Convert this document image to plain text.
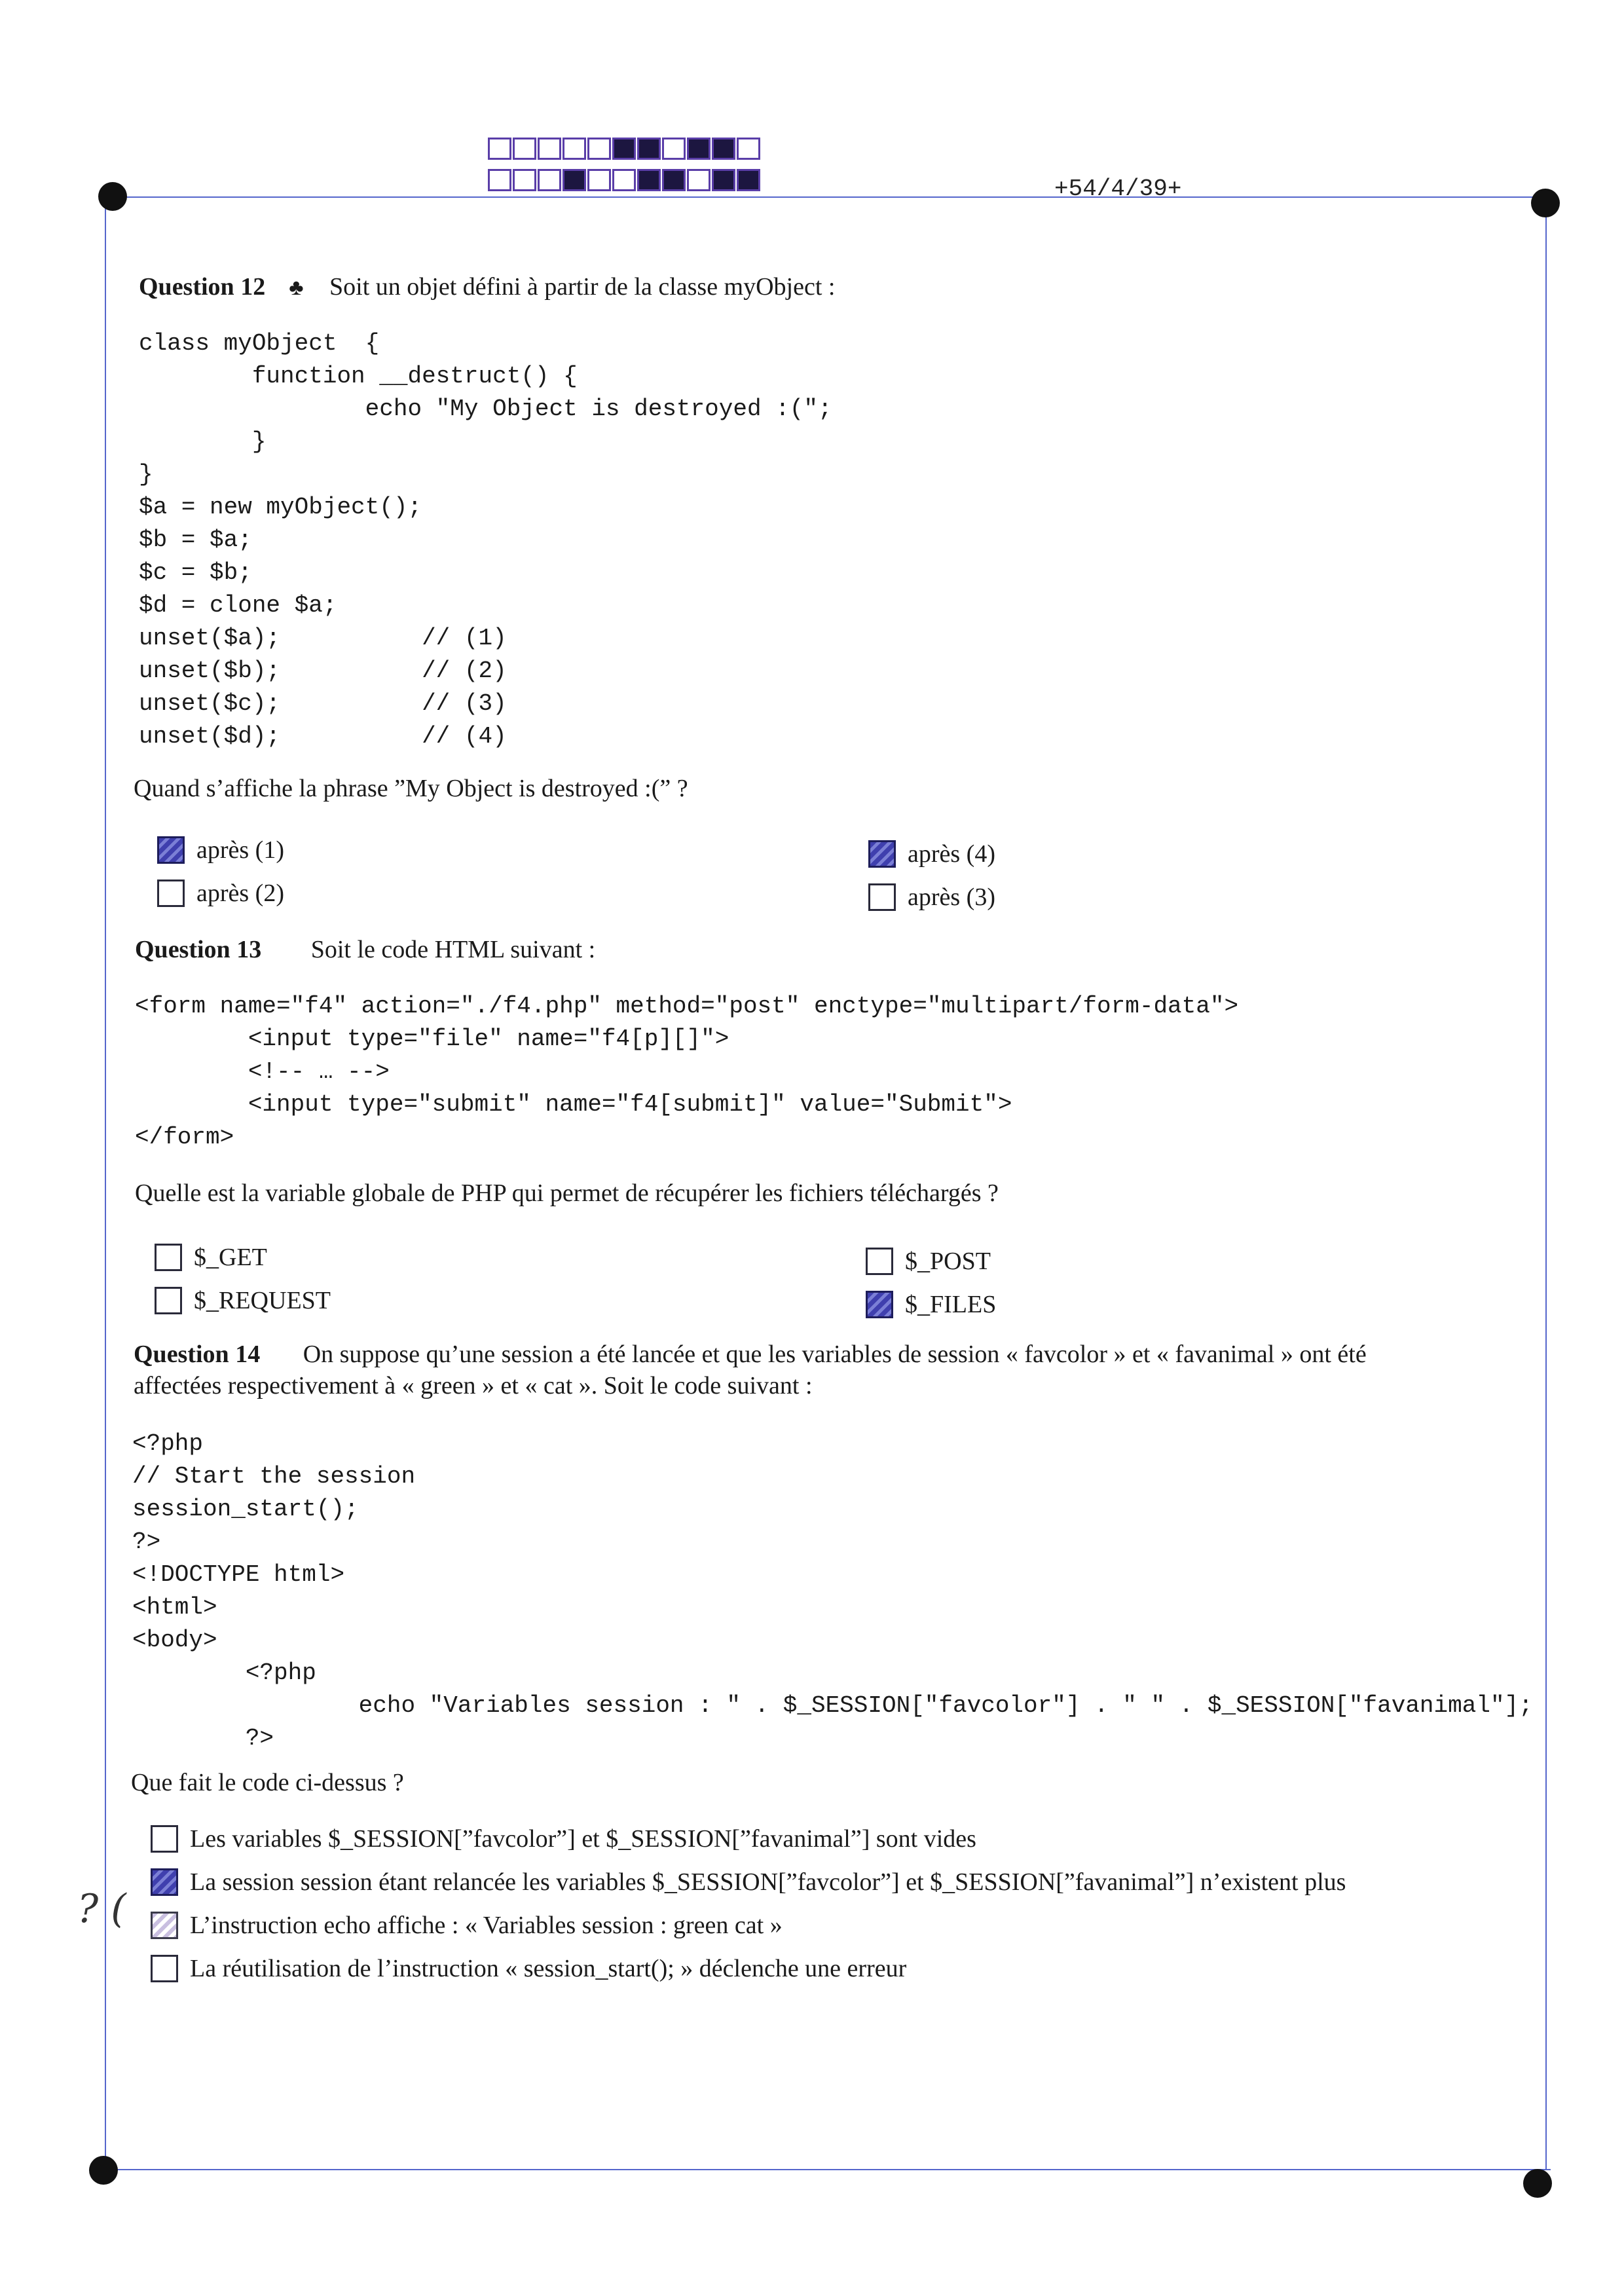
+54/4/39+
Question 12 ♣ Soit un objet défini à partir de la classe myObject :
class myObject  {
function __destruct() {
echo "My Object is destroyed :(";
}
}
$a = new myObject();
$b = $a;
$c = $b;
$d = clone $a;
unset($a);          // (1)
unset($b);          // (2)
unset($c);          // (3)
unset($d);          // (4)
Quand s’affiche la phrase ”My Object is destroyed :(” ?
après (1)
après (2)
après (4)
après (3)
Question 13 Soit le code HTML suivant :
<form name="f4" action="./f4.php" method="post" enctype="multipart/form-data">
<input type="file" name="f4[p][]">
<!-- … -->
<input type="submit" name="f4[submit]" value="Submit">
</form>
Quelle est la variable globale de PHP qui permet de récupérer les fichiers téléchargés ?
$_GET
$_REQUEST
$_POST
$_FILES
Question 14 On suppose qu’une session a été lancée et que les variables de session « favcolor » et « favanimal » ont été
affectées respectivement à « green » et « cat ». Soit le code suivant :
<?php
// Start the session
session_start();
?>
<!DOCTYPE html>
<html>
<body>
<?php
echo "Variables session : " . $_SESSION["favcolor"] . " " . $_SESSION["favanimal"];
?>
Que fait le code ci-dessus ?
? (
Les variables $_SESSION[”favcolor”] et $_SESSION[”favanimal”] sont vides
La session session étant relancée les variables $_SESSION[”favcolor”] et $_SESSION[”favanimal”] n’existent plus
L’instruction echo affiche : « Variables session : green cat »
La réutilisation de l’instruction « session_start(); » déclenche une erreur
